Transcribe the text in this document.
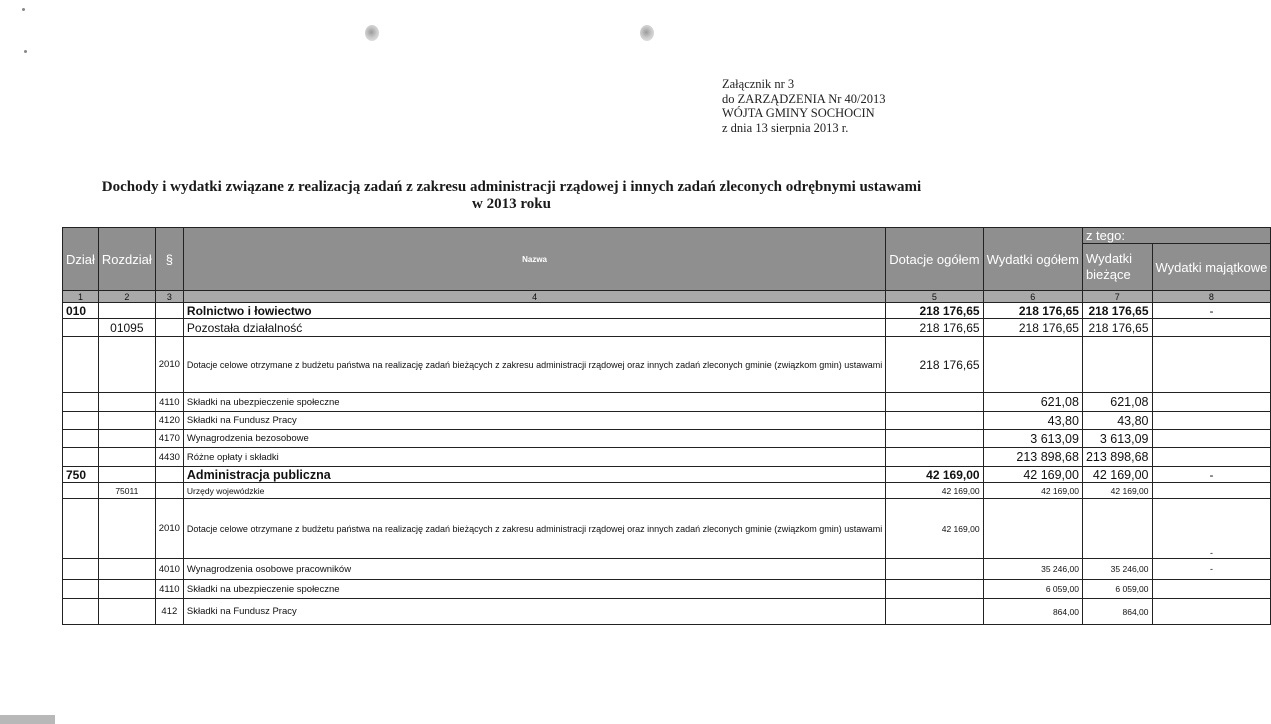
Załącznik nr 3
do ZARZĄDZENIA Nr 40/2013
WÓJTA GMINY SOCHOCIN
z dnia 13 sierpnia 2013 r.
Dochody i wydatki związane z realizacją zadań z zakresu administracji rządowej i innych zadań zleconych odrębnymi ustawami
w 2013 roku
Dział	Rozdział	§	Nazwa	Dotacje ogółem	Wydatki ogółem	z tego:	
						Wydatki bieżące	Wydatki majątkowe
1	2	3	4	5	6	7	8
010			Rolnictwo i łowiectwo	218 176,65	218 176,65	218 176,65	-
	01095		Pozostała działalność	218 176,65	218 176,65	218 176,65	
		2010	Dotacje celowe otrzymane z budżetu państwa na realizację zadań bieżących z zakresu administracji rządowej oraz innych zadań zleconych gminie (związkom gmin) ustawami	218 176,65			
		4110	Składki na ubezpieczenie społeczne		621,08	621,08	
		4120	Składki na Fundusz Pracy		43,80	43,80	
		4170	Wynagrodzenia bezosobowe		3 613,09	3 613,09	
		4430	Różne opłaty i składki		213 898,68	213 898,68	
750			Administracja publiczna	42 169,00	42 169,00	42 169,00	-
	75011		Urzędy wojewódzkie	42 169,00	42 169,00	42 169,00	
		2010	Dotacje celowe otrzymane z budżetu państwa na realizację zadań bieżących z zakresu administracji rządowej oraz innych zadań zleconych gminie (związkom gmin) ustawami	42 169,00			-
		4010	Wynagrodzenia osobowe pracowników		35 246,00	35 246,00	-
		4110	Składki na ubezpieczenie społeczne		6 059,00	6 059,00	
		412	Składki na Fundusz Pracy		864,00	864,00	
